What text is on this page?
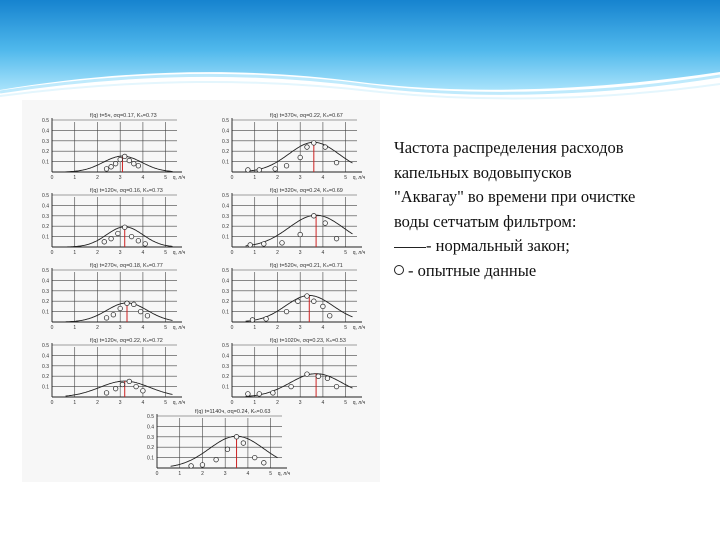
f(q) t=5ч, σq=0.17, Kₙ=0.73
0.1
0.2
0.3
0.4
0.5
0	1	2	3	4	5 q, л/ч
f(q) t=370ч, σq=0.22, Kₙ=0.67
0.1
0.2
0.3
0.4
0.5
0	1	2	3	4	5 q, л/ч
f(q) t=120ч, σq=0.16, Kₙ=0.73
0.1
0.2
0.3
0.4
0.5
0	1	2	3	4	5 q, л/ч
f(q) t=320ч, σq=0.24, Kₙ=0.69
0.1
0.2
0.3
0.4
0.5
0	1	2	3	4	5 q, л/ч
f(q) t=270ч, σq=0.18, Kₙ=0.77
0.1
0.2
0.3
0.4
0.5
0	1	2	3	4	5 q, л/ч
f(q) t=520ч, σq=0.21, Kₙ=0.71
0.1
0.2
0.3
0.4
0.5
0	1	2	3	4	5 q, л/ч
f(q) t=120ч, σq=0.22, Kₙ=0.72
0.1
0.2
0.3
0.4
0.5
0	1	2	3	4	5 q, л/ч
f(q) t=1020ч, σq=0.23, Kₙ=0.53
0.1
0.2
0.3
0.4
0.5
0	1	2	3	4	5 q, л/ч
f(q) t=1140ч, σq=0.24, Kₙ=0.63
0.1
0.2
0.3
0.4
0.5
0	1	2	3	4	5 q, л/ч
Частота распределения расходов
капельных водовыпусков
"Аквагау" во времени при очистке
воды сетчатым фильтром:
- нормальный закон;
- опытные данные
